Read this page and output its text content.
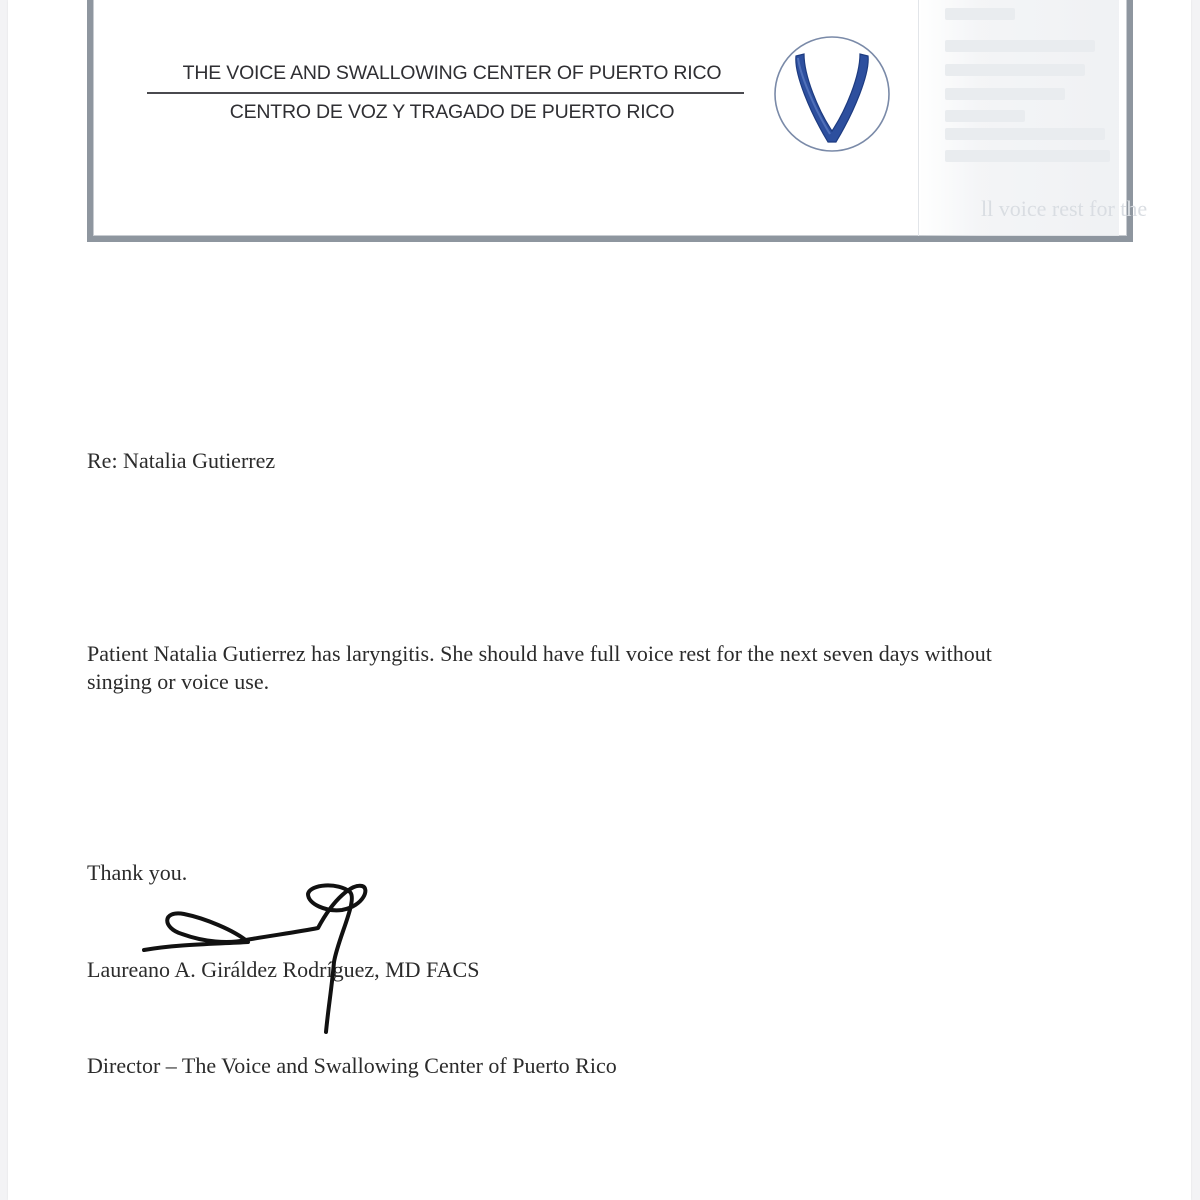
THE VOICE AND SWALLOWING CENTER OF PUERTO RICO
CENTRO DE VOZ Y TRAGADO DE PUERTO RICO
ll voice rest for the
Re: Natalia Gutierrez
Patient Natalia Gutierrez has laryngitis. She should have full voice rest for the next seven days without
singing or voice use.
Thank you.
Laureano A. Giráldez Rodríguez, MD FACS
Director – The Voice and Swallowing Center of Puerto Rico
